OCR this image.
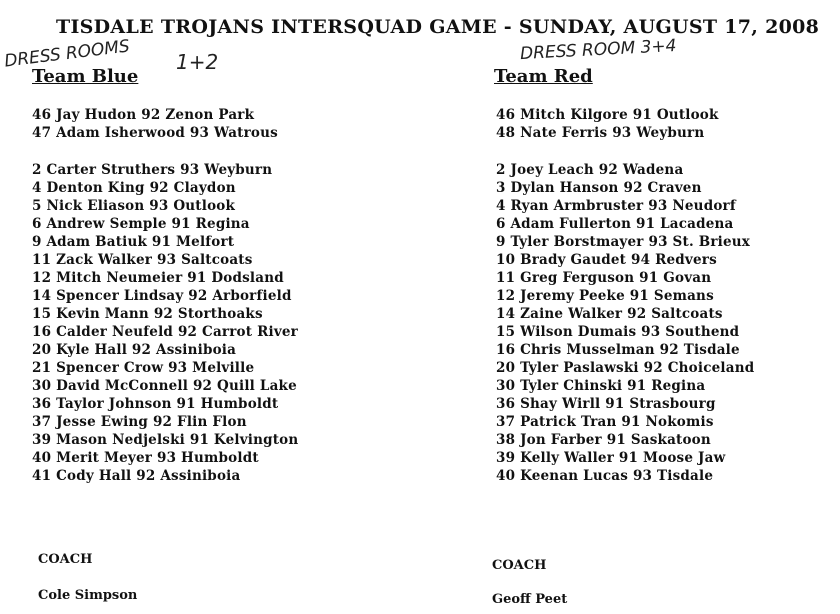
TISDALE TROJANS INTERSQUAD GAME - SUNDAY, AUGUST 17, 2008
DRESS ROOMS 1+2	DRESS ROOM 3+4
Team Blue	Team Red
46 Jay Hudon 92 Zenon Park
47 Adam Isherwood 93 Watrous
2 Carter Struthers 93 Weyburn
4 Denton King 92 Claydon
5 Nick Eliason 93 Outlook
6 Andrew Semple 91 Regina
9 Adam Batiuk 91 Melfort
11 Zack Walker 93 Saltcoats
12 Mitch Neumeier 91 Dodsland
14 Spencer Lindsay 92 Arborfield
15 Kevin Mann 92 Storthoaks
16 Calder Neufeld 92 Carrot River
20 Kyle Hall 92 Assiniboia
21 Spencer Crow 93 Melville
30 David McConnell 92 Quill Lake
36 Taylor Johnson 91 Humboldt
37 Jesse Ewing 92 Flin Flon
39 Mason Nedjelski 91 Kelvington
40 Merit Meyer 93 Humboldt
41 Cody Hall 92 Assiniboia
46 Mitch Kilgore 91 Outlook
48 Nate Ferris 93 Weyburn
2 Joey Leach 92 Wadena
3 Dylan Hanson 92 Craven
4 Ryan Armbruster 93 Neudorf
6 Adam Fullerton 91 Lacadena
9 Tyler Borstmayer 93 St. Brieux
10 Brady Gaudet 94 Redvers
11 Greg Ferguson 91 Govan
12 Jeremy Peeke 91 Semans
14 Zaine Walker 92 Saltcoats
15 Wilson Dumais 93 Southend
16 Chris Musselman 92 Tisdale
20 Tyler Paslawski 92 Choiceland
30 Tyler Chinski 91 Regina
36 Shay Wirll 91 Strasbourg
37 Patrick Tran 91 Nokomis
38 Jon Farber 91 Saskatoon
39 Kelly Waller 91 Moose Jaw
40 Keenan Lucas 93 Tisdale
COACH
Cole Simpson
COACH
Geoff Peet
